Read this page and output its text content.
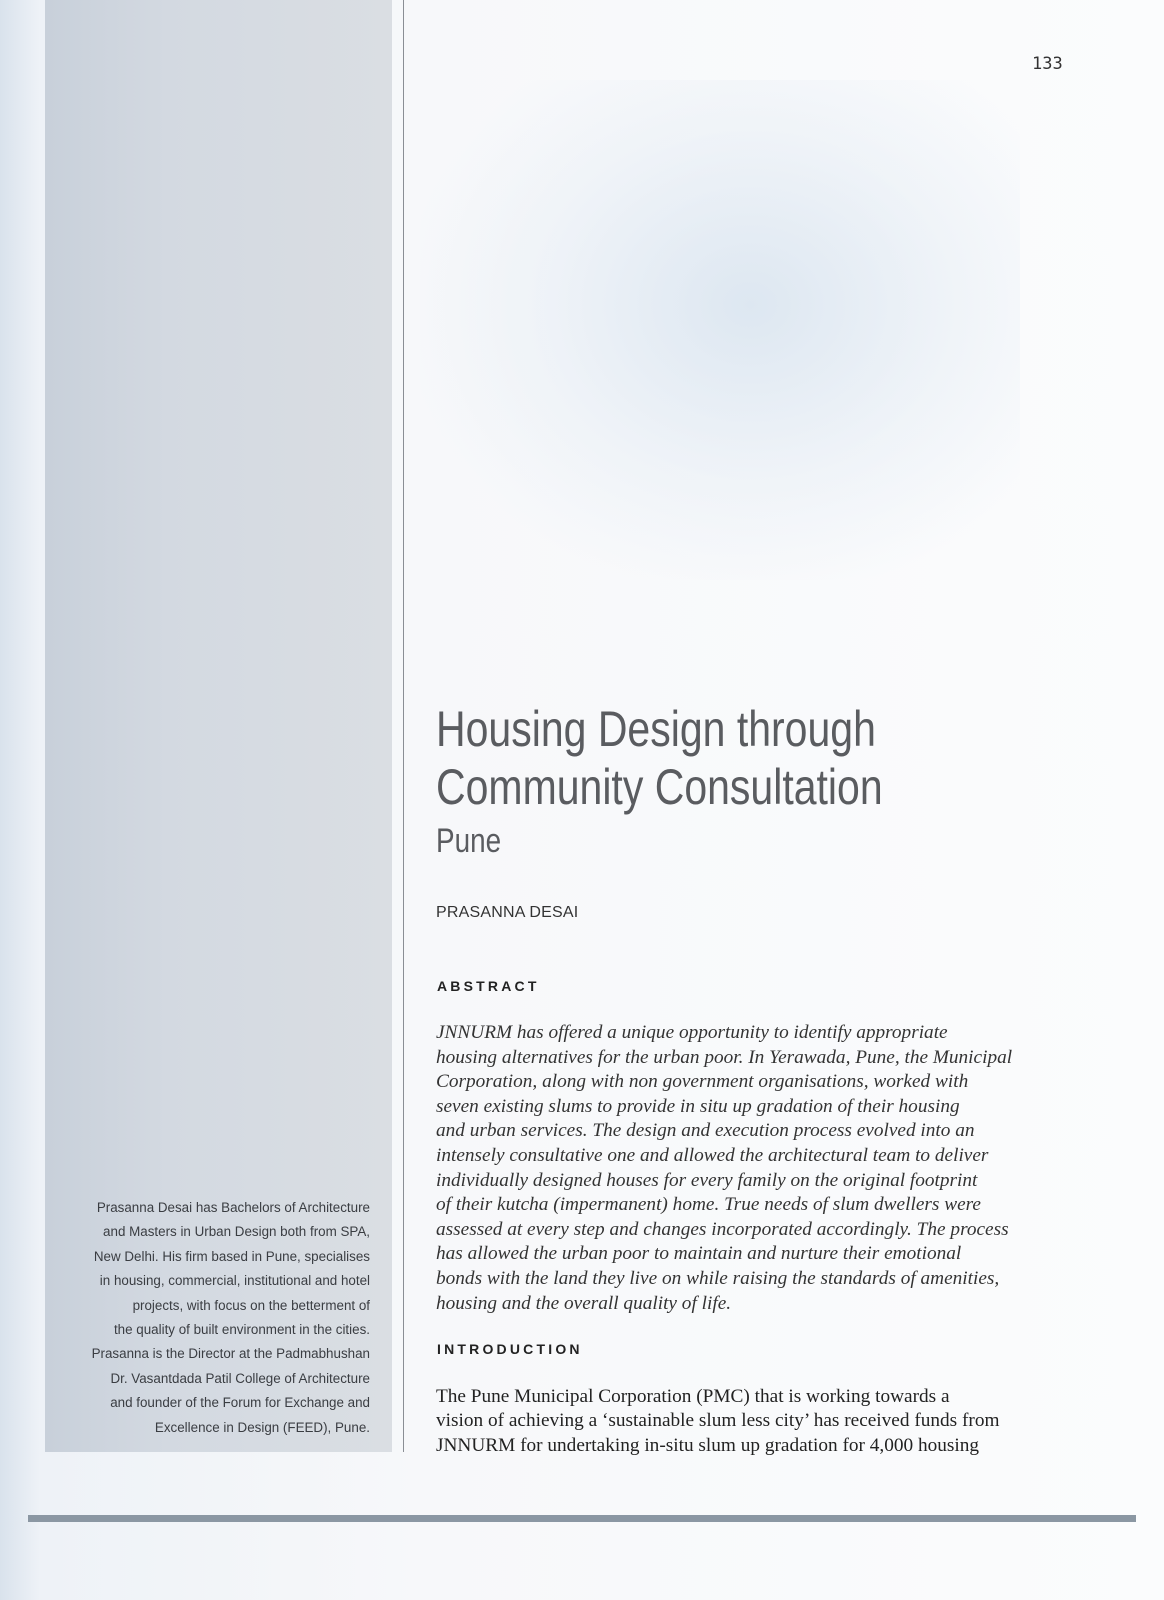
133
Prasanna Desai has Bachelors of Architecture
and Masters in Urban Design both from SPA,
New Delhi. His firm based in Pune, specialises
in housing, commercial, institutional and hotel
projects, with focus on the betterment of
the quality of built environment in the cities.
Prasanna is the Director at the Padmabhushan
Dr. Vasantdada Patil College of Architecture
and founder of the Forum for Exchange and
Excellence in Design (FEED), Pune.
Housing Design through
Community Consultation
Pune
PRASANNA DESAI
ABSTRACT
JNNURM has offered a unique opportunity to identify appropriate
housing alternatives for the urban poor. In Yerawada, Pune, the Municipal
Corporation, along with non government organisations, worked with
seven existing slums to provide in situ up gradation of their housing
and urban services. The design and execution process evolved into an
intensely consultative one and allowed the architectural team to deliver
individually designed houses for every family on the original footprint
of their kutcha (impermanent) home. True needs of slum dwellers were
assessed at every step and changes incorporated accordingly. The process
has allowed the urban poor to maintain and nurture their emotional
bonds with the land they live on while raising the standards of amenities,
housing and the overall quality of life.
INTRODUCTION
The Pune Municipal Corporation (PMC) that is working towards a
vision of achieving a ‘sustainable slum less city’ has received funds from
JNNURM for undertaking in-situ slum up gradation for 4,000 housing
